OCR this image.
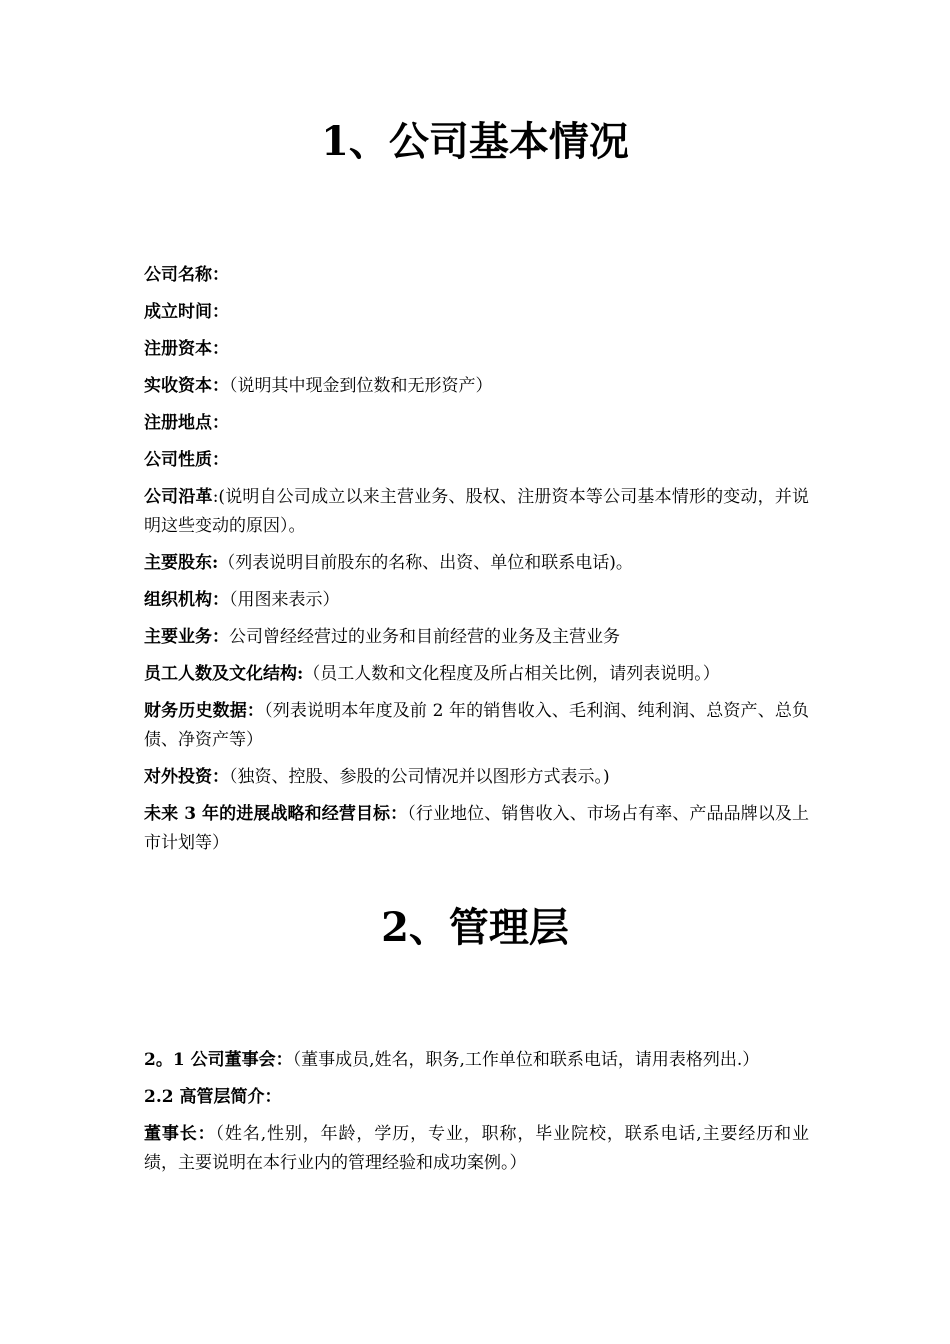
1、公司基本情况
公司名称：
成立时间：
注册资本：
实收资本：（说明其中现金到位数和无形资产）
注册地点：
公司性质：
公司沿革:(说明自公司成立以来主营业务、股权、注册资本等公司基本情形的变动，并说明这些变动的原因）。
主要股东:（列表说明目前股东的名称、出资、单位和联系电话)。
组织机构：（用图来表示）
主要业务：公司曾经经营过的业务和目前经营的业务及主营业务
员工人数及文化结构:（员工人数和文化程度及所占相关比例，请列表说明。）
财务历史数据：（列表说明本年度及前 2 年的销售收入、毛利润、纯利润、总资产、总负债、净资产等）
对外投资：（独资、控股、参股的公司情况并以图形方式表示。)
未来 3 年的进展战略和经营目标：（行业地位、销售收入、市场占有率、产品品牌以及上市计划等）
2、管理层
2。1 公司董事会：（董事成员,姓名，职务,工作单位和联系电话，请用表格列出.）
2.2 高管层简介：
董事长：（姓名,性别，年龄，学历，专业，职称，毕业院校，联系电话,主要经历和业绩，主要说明在本行业内的管理经验和成功案例。）
